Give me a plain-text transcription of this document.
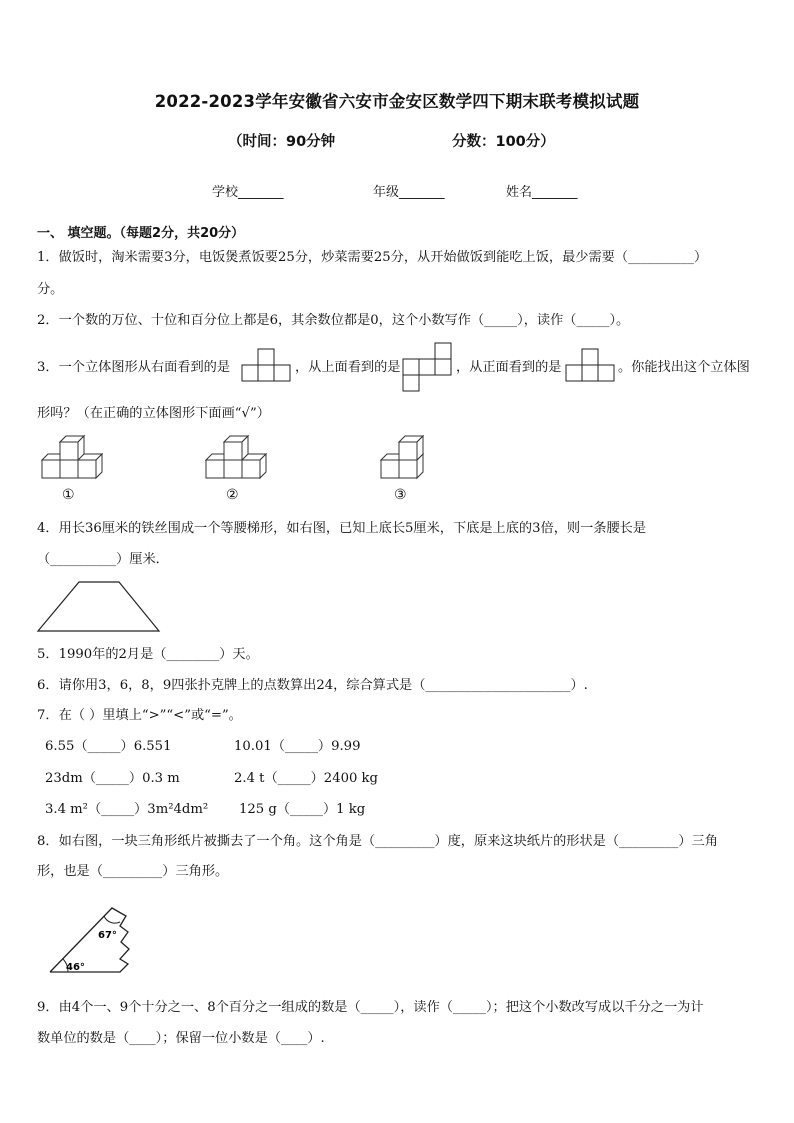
2022-2023学年安徽省六安市金安区数学四下期末联考模拟试题
（时间：90分钟	分数：100分）
学校_______	年级_______	姓名_______
一、 填空题。（每题2分，共20分）
1．做饭时，淘米需要3分，电饭煲煮饭要25分，炒菜需要25分，从开始做饭到能吃上饭，最少需要（__________）
分。
2．一个数的万位、十位和百分位上都是6，其余数位都是0，这个小数写作（_____），读作（_____）。
3．一个立体图形从右面看到的是	，从上面看到的是	，从正面看到的是	。你能找出这个立体图
形吗？（在正确的立体图形下面画“√”）
①	②	③
4．用长36厘米的铁丝围成一个等腰梯形，如右图，已知上底长5厘米，下底是上底的3倍，则一条腰长是
（__________）厘米．
5．1990年的2月是（________）天。
6．请你用3，6，8，9四张扑克牌上的点数算出24，综合算式是（______________________）.
7．在（ ）里填上“>”“<”或“=”。
6.55（_____）6.551	10.01（_____）9.99
23dm（_____）0.3 m	2.4 t（_____）2400 kg
3.4 m²（_____）3m²4dm² 125 g（_____）1 kg
8．如右图，一块三角形纸片被撕去了一个角。这个角是（_________）度，原来这块纸片的形状是（_________）三角
形，也是（_________）三角形。
67°
46°
9．由4个一、9个十分之一、8个百分之一组成的数是（_____），读作（_____）；把这个小数改写成以千分之一为计
数单位的数是（____）；保留一位小数是（____）.
